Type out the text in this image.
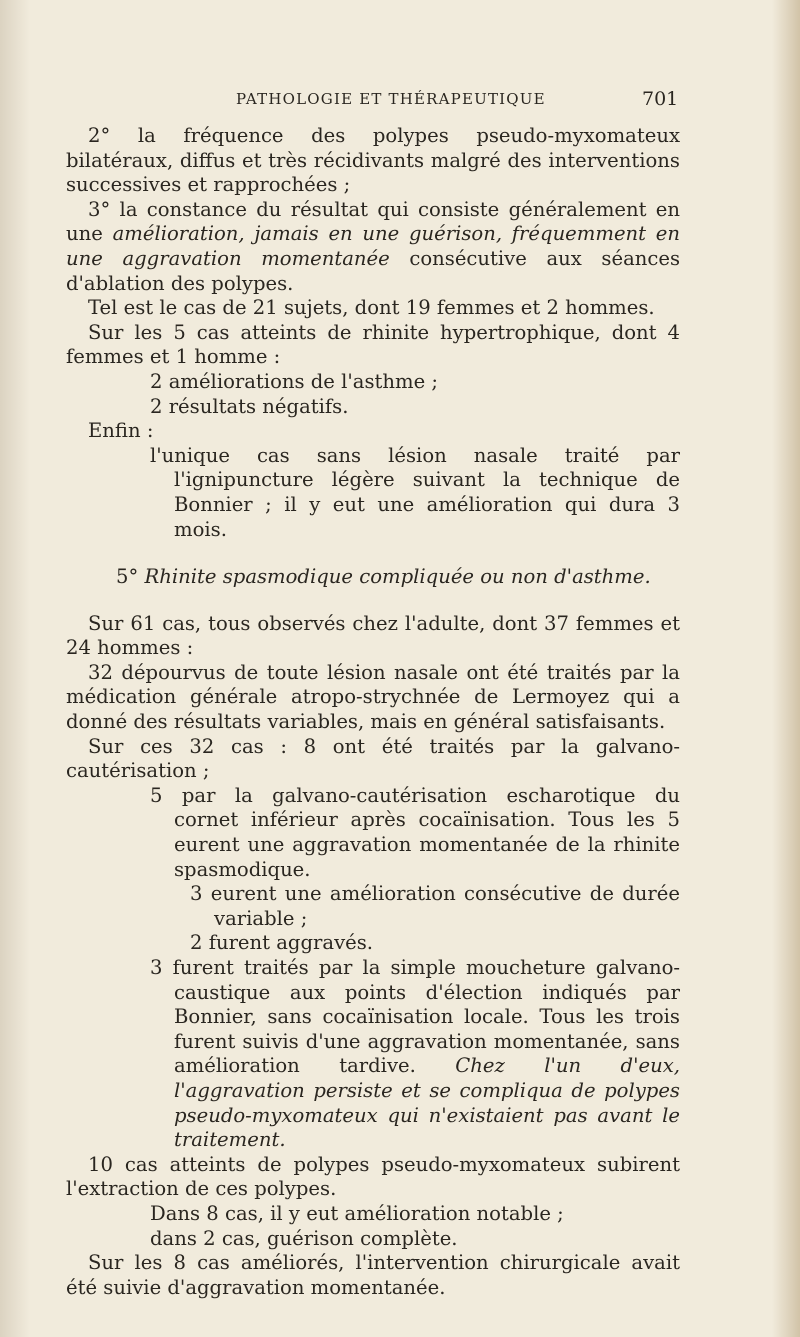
PATHOLOGIE ET THÉRAPEUTIQUE	701

2° la fréquence des polypes pseudo-myxomateux bilatéraux, diffus et très récidivants malgré des interventions successives et rapprochées ;

3° la constance du résultat qui consiste généralement en une amélioration, jamais en une guérison, fréquemment en une aggravation momentanée consécutive aux séances d'ablation des polypes.

Tel est le cas de 21 sujets, dont 19 femmes et 2 hommes.

Sur les 5 cas atteints de rhinite hypertrophique, dont 4 femmes et 1 homme :

2 améliorations de l'asthme ;

2 résultats négatifs.

Enfin :

l'unique cas sans lésion nasale traité par l'ignipuncture légère suivant la technique de Bonnier ; il y eut une amélioration qui dura 3 mois.

5° Rhinite spasmodique compliquée ou non d'asthme.

Sur 61 cas, tous observés chez l'adulte, dont 37 femmes et 24 hommes :

32 dépourvus de toute lésion nasale ont été traités par la médication générale atropo-strychnée de Lermoyez qui a donné des résultats variables, mais en général satisfaisants.

Sur ces 32 cas : 8 ont été traités par la galvano-cautérisation ;

5 par la galvano-cautérisation escharotique du cornet inférieur après cocaïnisation. Tous les 5 eurent une aggravation momentanée de la rhinite spasmodique.

3 eurent une amélioration consécutive de durée variable ;

2 furent aggravés.

3 furent traités par la simple moucheture galvano-caustique aux points d'élection indiqués par Bonnier, sans cocaïnisation locale. Tous les trois furent suivis d'une aggravation momentanée, sans amélioration tardive. Chez l'un d'eux, l'aggravation persiste et se compliqua de polypes pseudo-myxomateux qui n'existaient pas avant le traitement.

10 cas atteints de polypes pseudo-myxomateux subirent l'extraction de ces polypes.

Dans 8 cas, il y eut amélioration notable ;

dans 2 cas, guérison complète.

Sur les 8 cas améliorés, l'intervention chirurgicale avait été suivie d'aggravation momentanée.
